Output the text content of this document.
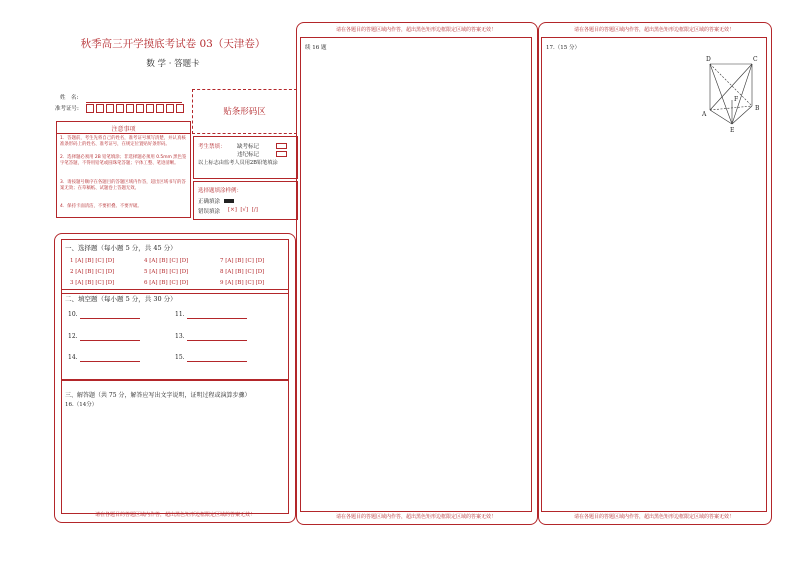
秋季高三开学摸底考试卷 03（天津卷）
数 学 · 答题卡
姓　名:
准考证号:	贴条形码区
注意事项
1．答题前，考生先将自己的姓名，准考证号填写清楚，并认真核准条形码上的姓名、准考证号，在规定位置贴好条形码。
2．选择题必须用 2B 铅笔填涂；非选择题必须用 0.5mm 黑色签字笔答题，不得用铅笔或圆珠笔答题；字体工整、笔迹清晰。
3．请按题号顺序在各题目的答题区域内作答，超出区域书写的答案无效；在草稿纸、试题卷上答题无效。
4．保持卡面清洁，不要折叠、不要弄破。
考生禁填： 缺考标记
违纪标记
以上标志由监考人员用2B铅笔填涂
选择题填涂样例：
正确填涂
错误填涂 [×]  [√]  [/]
一、选择题（每小题 5 分，共 45 分）
1 [A] [B] [C] [D]	4 [A] [B] [C] [D]	7 [A] [B] [C] [D]
2 [A] [B] [C] [D]	5 [A] [B] [C] [D]	8 [A] [B] [C] [D]
3 [A] [B] [C] [D]	6 [A] [B] [C] [D]	9 [A] [B] [C] [D]
二、填空题（每小题 5 分，共 30 分）
10.	11.
12.	13.
14.	15.
三、解答题（共 75 分，解答应写出文字说明，证明过程或演算步骤）
16.（14分）
请在各题目的答题区域内作答，超出黑色矩形边框限定区域的答案无效！
请在各题目的答题区域内作答，超出黑色矩形边框限定区域的答案无效！
续 16 题
请在各题目的答题区域内作答，超出黑色矩形边框限定区域的答案无效！
请在各题目的答题区域内作答，超出黑色矩形边框限定区域的答案无效！
17.（15 分）
D	C
F
A
B
E
请在各题目的答题区域内作答，超出黑色矩形边框限定区域的答案无效！
